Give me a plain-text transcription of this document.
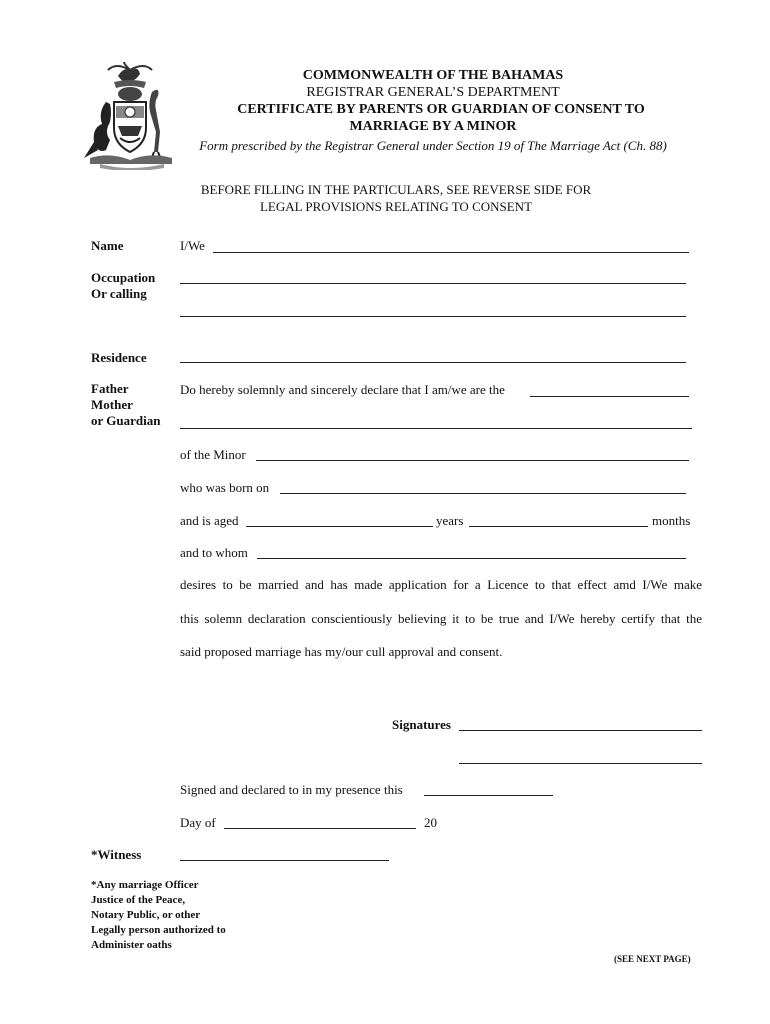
COMMONWEALTH OF THE BAHAMAS
REGISTRAR GENERAL’S DEPARTMENT
CERTIFICATE BY PARENTS OR GUARDIAN OF CONSENT TO
MARRIAGE BY A MINOR
Form prescribed by the Registrar General under Section 19 of The Marriage Act (Ch. 88)
BEFORE FILLING IN THE PARTICULARS, SEE REVERSE SIDE FOR
LEGAL PROVISIONS RELATING TO CONSENT
Name	I/We
Occupation
Or calling
Residence
Father
Mother
or Guardian
Do hereby solemnly and sincerely declare that I am/we are the
of the Minor
who was born on
and is aged	years	months
and to whom
desires to be married and has made application for a Licence to that effect amd I/We make
this solemn declaration conscientiously believing it to be true and I/We hereby certify that the
said proposed marriage has my/our cull approval and consent.
Signatures
Signed and declared to in my presence this
Day of	20
*Witness
*Any marriage Officer
Justice of the Peace,
Notary Public, or other
Legally person authorized to
Administer oaths
(SEE NEXT PAGE)
